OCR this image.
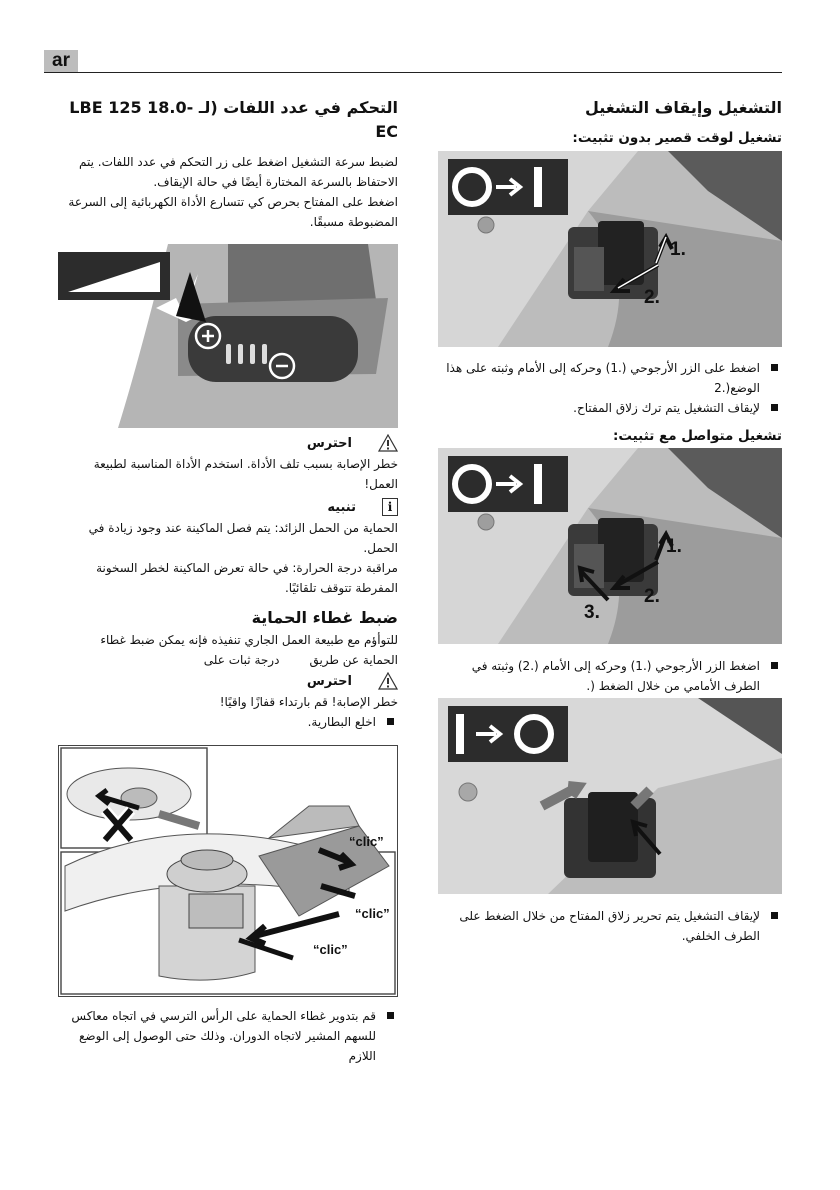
ar
التشغيل وإيقاف التشغيل
تشغيل لوقت قصير بدون تثبيت:
1.
2.

اضغط على الزر الأرجوحي (.1) وحركه إلى الأمام وثبته على هذا الوضع(.2

لإيقاف التشغيل يتم ترك زلاق المفتاح.

تشغيل متواصل مع تثبيت:
1.
2.
3.

اضغط الزر الأرجوحي (.1) وحركه إلى الأمام (.2) وثبته في الطرف الأمامي من خلال الضغط (.

لإيقاف التشغيل يتم تحرير زلاق المفتاح من خلال الضغط على الطرف الخلفي.

التحكم في عدد اللفات (لـ LBE 125 18.0-EC

لضبط سرعة التشغيل اضغط على زر التحكم في عدد اللفات. يتم الاحتفاظ بالسرعة المختارة أيضًا في حالة الإيقاف.

اضغط على المفتاح بحرص كي تتسارع الأداة الكهربائية إلى السرعة المضبوطة مسبقًا.

احترس

خطر الإصابة بسبب تلف الأداة. استخدم الأداة المناسبة لطبيعة العمل!

i
تنبيه

الحماية من الحمل الزائد: يتم فصل الماكينة عند وجود زيادة في الحمل.

مراقبة درجة الحرارة: في حالة تعرض الماكينة لخطر السخونة المفرطة تتوقف تلقائيًا.

ضبط غطاء الحماية

للتوأؤم مع طبيعة العمل الجاري تنفيذه فإنه يمكن ضبط غطاء

الحماية عن طريقدرجة ثبات على

احترس

خطر الإصابة! قم بارتداء قفازًا واقيًا!

اخلع البطارية.

“clic”
“clic”
“clic”

قم بتدوير غطاء الحماية على الرأس الترسي في اتجاه معاكس للسهم المشير لاتجاه الدوران. وذلك حتى الوصول إلى الوضع اللازم
